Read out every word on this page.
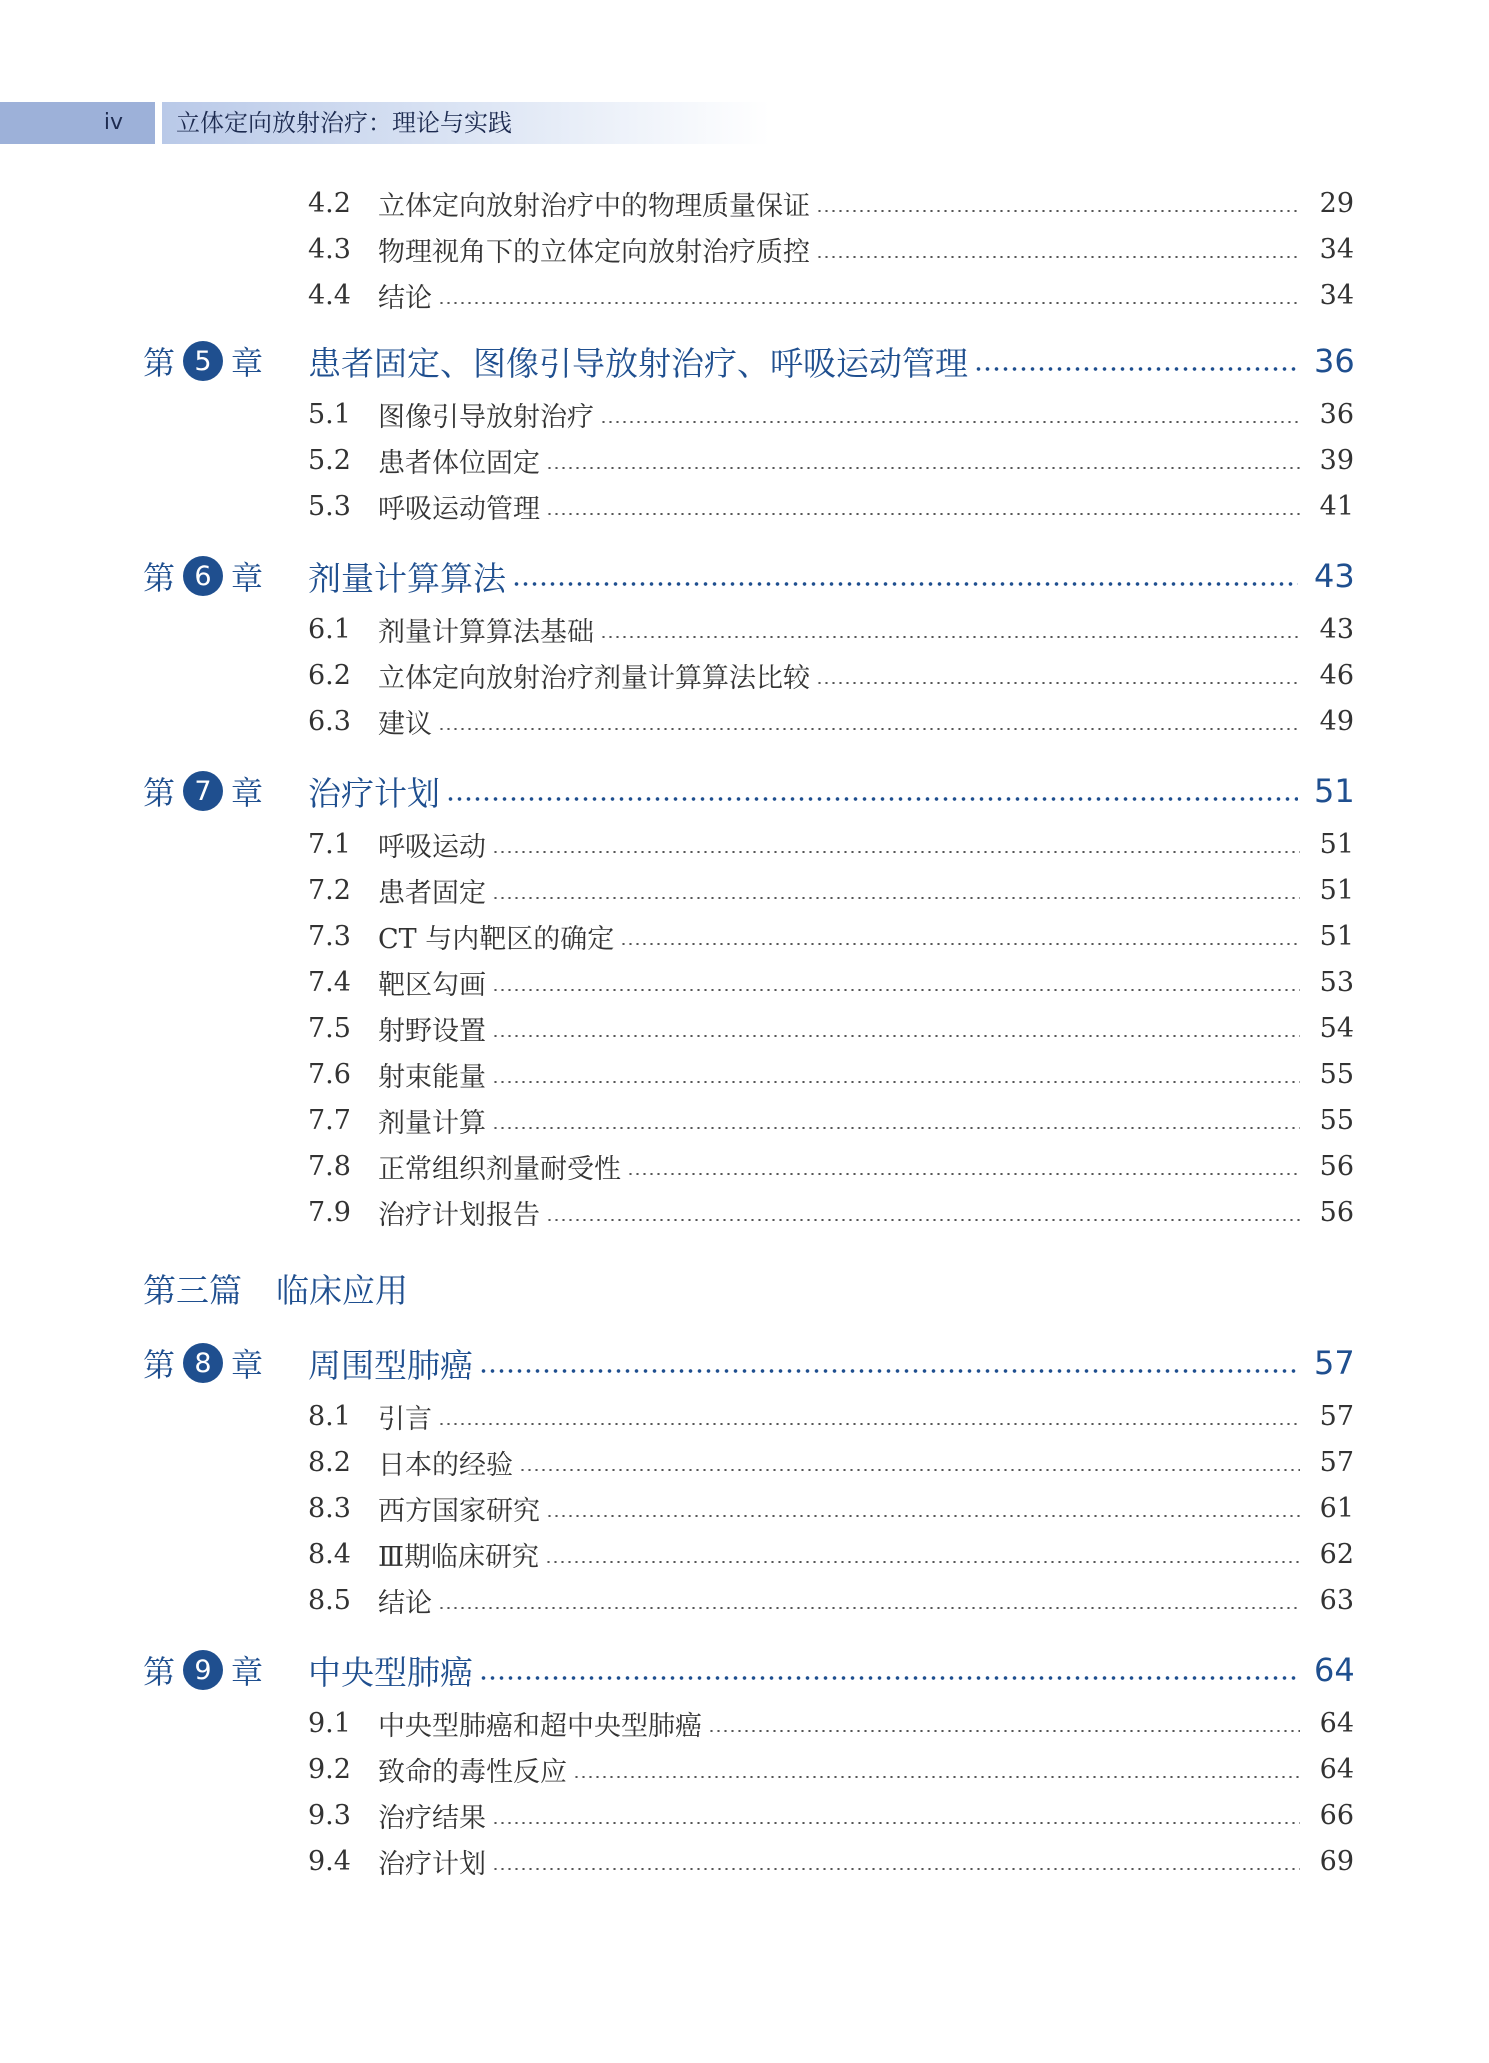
iv	立体定向放射治疗：理论与实践
4.2	立体定向放射治疗中的物理质量保证	29
4.3	物理视角下的立体定向放射治疗质控	34
4.4	结论	34
第 5 章 患者固定、图像引导放射治疗、呼吸运动管理	36
5.1	图像引导放射治疗	36
5.2	患者体位固定	39
5.3	呼吸运动管理	41
第 6 章 剂量计算算法	43
6.1	剂量计算算法基础	43
6.2	立体定向放射治疗剂量计算算法比较	46
6.3	建议	49
第 7 章 治疗计划	51
7.1	呼吸运动	51
7.2	患者固定	51
7.3	CT 与内靶区的确定	51
7.4	靶区勾画	53
7.5	射野设置	54
7.6	射束能量	55
7.7	剂量计算	55
7.8	正常组织剂量耐受性	56
7.9	治疗计划报告	56
第 8 章 周围型肺癌	57
8.1	引言	57
8.2	日本的经验	57
8.3	西方国家研究	61
8.4	Ⅲ期临床研究	62
8.5	结论	63
第 9 章 中央型肺癌	64
9.1	中央型肺癌和超中央型肺癌	64
9.2	致命的毒性反应	64
9.3	治疗结果	66
9.4	治疗计划	69
第三篇 临床应用
